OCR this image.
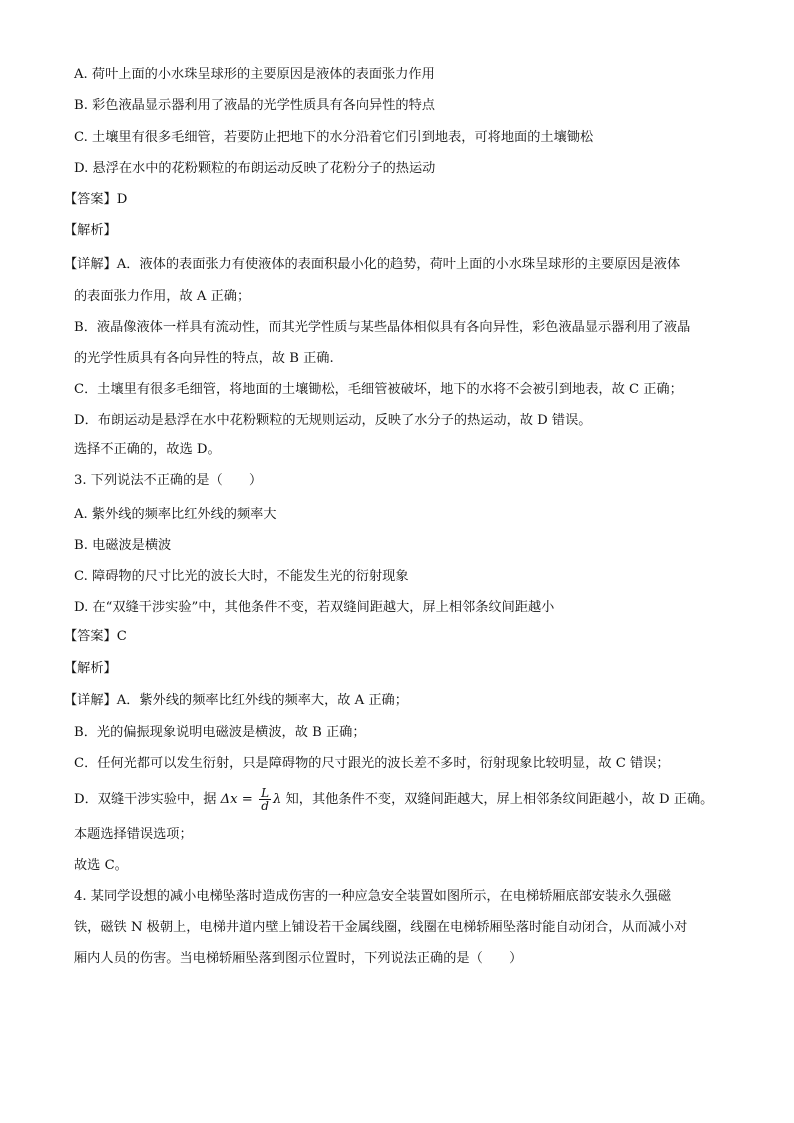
A. 荷叶上面的小水珠呈球形的主要原因是液体的表面张力作用
B. 彩色液晶显示器利用了液晶的光学性质具有各向异性的特点
C. 土壤里有很多毛细管，若要防止把地下的水分沿着它们引到地表，可将地面的土壤锄松
D. 悬浮在水中的花粉颗粒的布朗运动反映了花粉分子的热运动
【答案】D
【解析】
【详解】A．液体的表面张力有使液体的表面积最小化的趋势，荷叶上面的小水珠呈球形的主要原因是液体
的表面张力作用，故 A 正确；
B．液晶像液体一样具有流动性，而其光学性质与某些晶体相似具有各向异性，彩色液晶显示器利用了液晶
的光学性质具有各向异性的特点，故 B 正确.
C．土壤里有很多毛细管，将地面的土壤锄松，毛细管被破坏，地下的水将不会被引到地表，故 C 正确；
D．布朗运动是悬浮在水中花粉颗粒的无规则运动，反映了水分子的热运动，故 D 错误。
选择不正确的，故选 D。
3. 下列说法不正确的是（　　）
A. 紫外线的频率比红外线的频率大
B. 电磁波是横波
C. 障碍物的尺寸比光的波长大时，不能发生光的衍射现象
D. 在“双缝干涉实验”中，其他条件不变，若双缝间距越大，屏上相邻条纹间距越小
【答案】C
【解析】
【详解】A．紫外线的频率比红外线的频率大，故 A 正确；
B．光的偏振现象说明电磁波是横波，故 B 正确；
C．任何光都可以发生衍射，只是障碍物的尺寸跟光的波长差不多时，衍射现象比较明显，故 C 错误；
D．双缝干涉实验中，据 $\Delta x = \frac{L}{d}$ λ 知，其他条件不变，双缝间距越大，屏上相邻条纹间距越小，故 D 正确。
本题选择错误选项；
故选 C。
4. 某同学设想的减小电梯坠落时造成伤害的一种应急安全装置如图所示，在电梯轿厢底部安装永久强磁
铁，磁铁 N 极朝上，电梯井道内壁上铺设若干金属线圈，线圈在电梯轿厢坠落时能自动闭合，从而减小对
厢内人员的伤害。当电梯轿厢坠落到图示位置时，下列说法正确的是（　　）
